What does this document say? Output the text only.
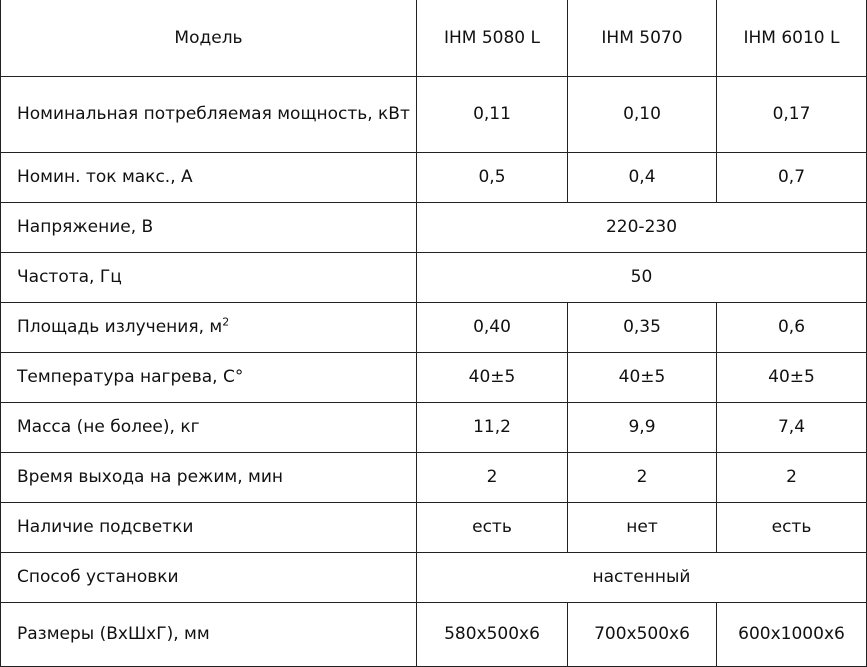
Модель	IHM 5080 L	IHM 5070	IHM 6010 L
Номинальная потребляемая мощность, кВт	0,11	0,10	0,17
Номин. ток макс., А	0,5	0,4	0,7
Напряжение, В	220-230		
Частота, Гц	50		
Площадь излучения, $м^2$	0,40	0,35	0,6
Температура нагрева, С°	40±5	40±5	40±5
Масса (не более), кг	11,2	9,9	7,4
Время выхода на режим, мин	2	2	2
Наличие подсветки	есть	нет	есть
Способ установки	настенный		
Размеры (ВхШхГ), мм	580х500х6	700х500х6	600х1000х6
